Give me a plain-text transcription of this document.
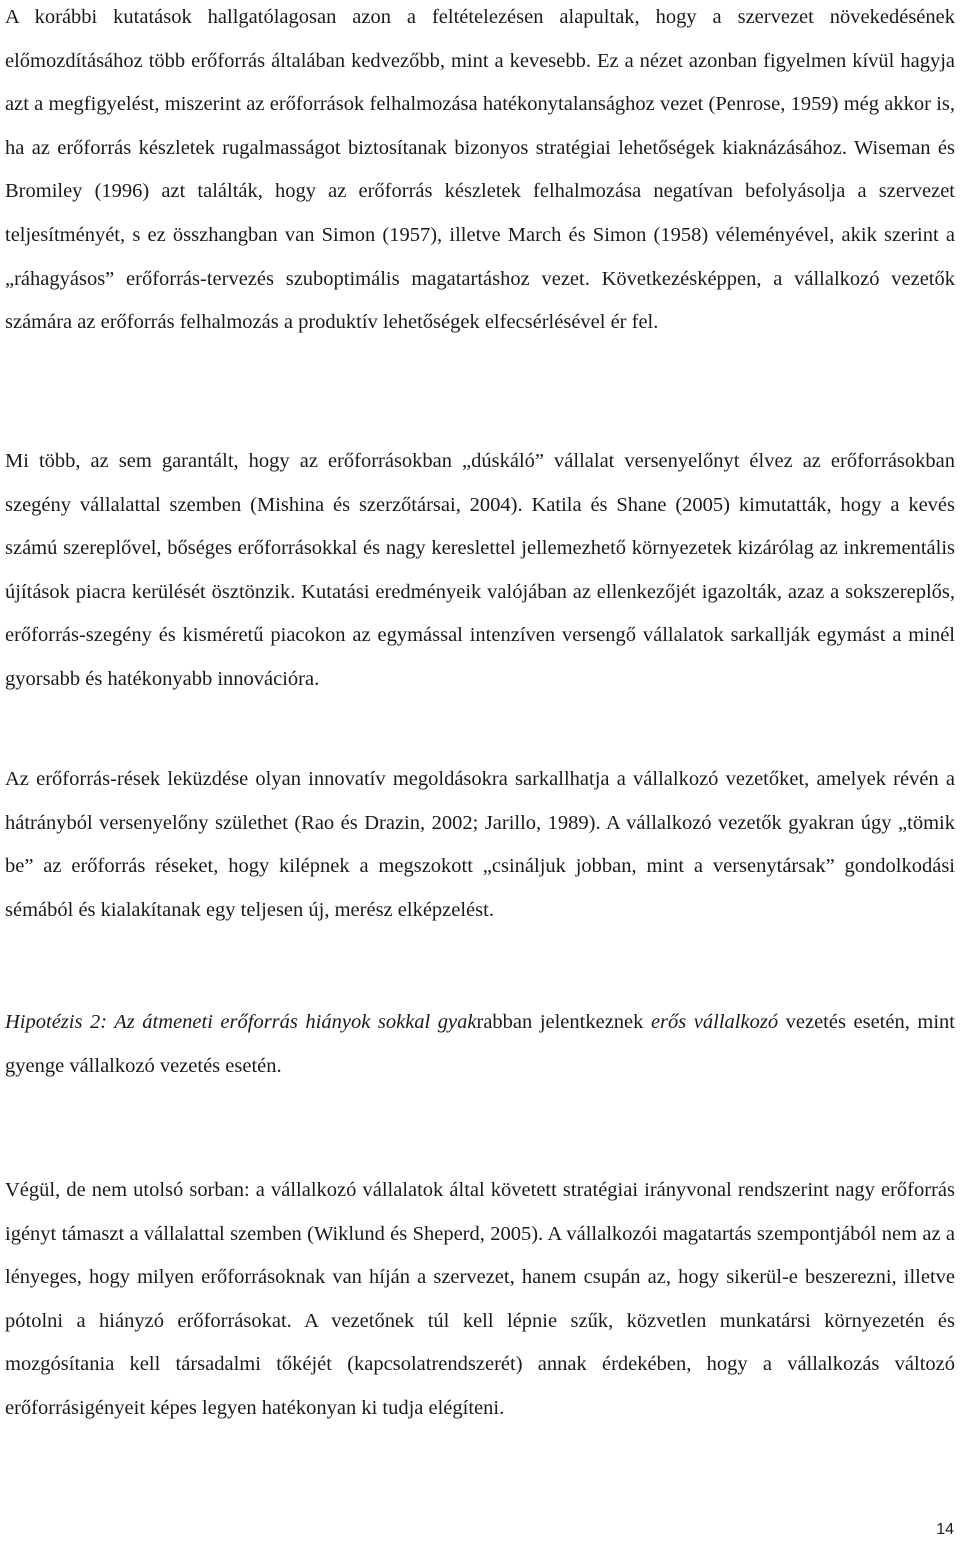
A korábbi kutatások hallgatólagosan azon a feltételezésen alapultak, hogy a szervezet növekedésének előmozdításához több erőforrás általában kedvezőbb, mint a kevesebb. Ez a nézet azonban figyelmen kívül hagyja azt a megfigyelést, miszerint az erőforrások felhalmozása hatékonytalansághoz vezet (Penrose, 1959) még akkor is, ha az erőforrás készletek rugalmasságot biztosítanak bizonyos stratégiai lehetőségek kiaknázásához. Wiseman és Bromiley (1996) azt találták, hogy az erőforrás készletek felhalmozása negatívan befolyásolja a szervezet teljesítményét, s ez összhangban van Simon (1957), illetve March és Simon (1958) véleményével, akik szerint a „ráhagyásos” erőforrás-tervezés szuboptimális magatartáshoz vezet. Következésképpen, a vállalkozó vezetők számára az erőforrás felhalmozás a produktív lehetőségek elfecsérlésével ér fel.

Mi több, az sem garantált, hogy az erőforrásokban „dúskáló” vállalat versenyelőnyt élvez az erőforrásokban szegény vállalattal szemben (Mishina és szerzőtársai, 2004). Katila és Shane (2005) kimutatták, hogy a kevés számú szereplővel, bőséges erőforrásokkal és nagy kereslettel jellemezhető környezetek kizárólag az inkrementális újítások piacra kerülését ösztönzik. Kutatási eredményeik valójában az ellenkezőjét igazolták, azaz a sokszereplős, erőforrás-szegény és kisméretű piacokon az egymással intenzíven versengő vállalatok sarkallják egymást a minél gyorsabb és hatékonyabb innovációra.

Az erőforrás-rések leküzdése olyan innovatív megoldásokra sarkallhatja a vállalkozó vezetőket, amelyek révén a hátrányból versenyelőny születhet (Rao és Drazin, 2002; Jarillo, 1989). A vállalkozó vezetők gyakran úgy „tömik be” az erőforrás réseket, hogy kilépnek a megszokott „csináljuk jobban, mint a versenytársak” gondolkodási sémából és kialakítanak egy teljesen új, merész elképzelést.

Hipotézis 2: Az átmeneti erőforrás hiányok sokkal gyakrabban jelentkeznek erős vállalkozó vezetés esetén, mint gyenge vállalkozó vezetés esetén.

Végül, de nem utolsó sorban: a vállalkozó vállalatok által követett stratégiai irányvonal rendszerint nagy erőforrás igényt támaszt a vállalattal szemben (Wiklund és Sheperd, 2005). A vállalkozói magatartás szempontjából nem az a lényeges, hogy milyen erőforrásoknak van híján a szervezet, hanem csupán az, hogy sikerül-e beszerezni, illetve pótolni a hiányzó erőforrásokat. A vezetőnek túl kell lépnie szűk, közvetlen munkatársi környezetén és mozgósítania kell társadalmi tőkéjét (kapcsolatrendszerét) annak érdekében, hogy a vállalkozás változó erőforrásigényeit képes legyen hatékonyan ki tudja elégíteni.

14
